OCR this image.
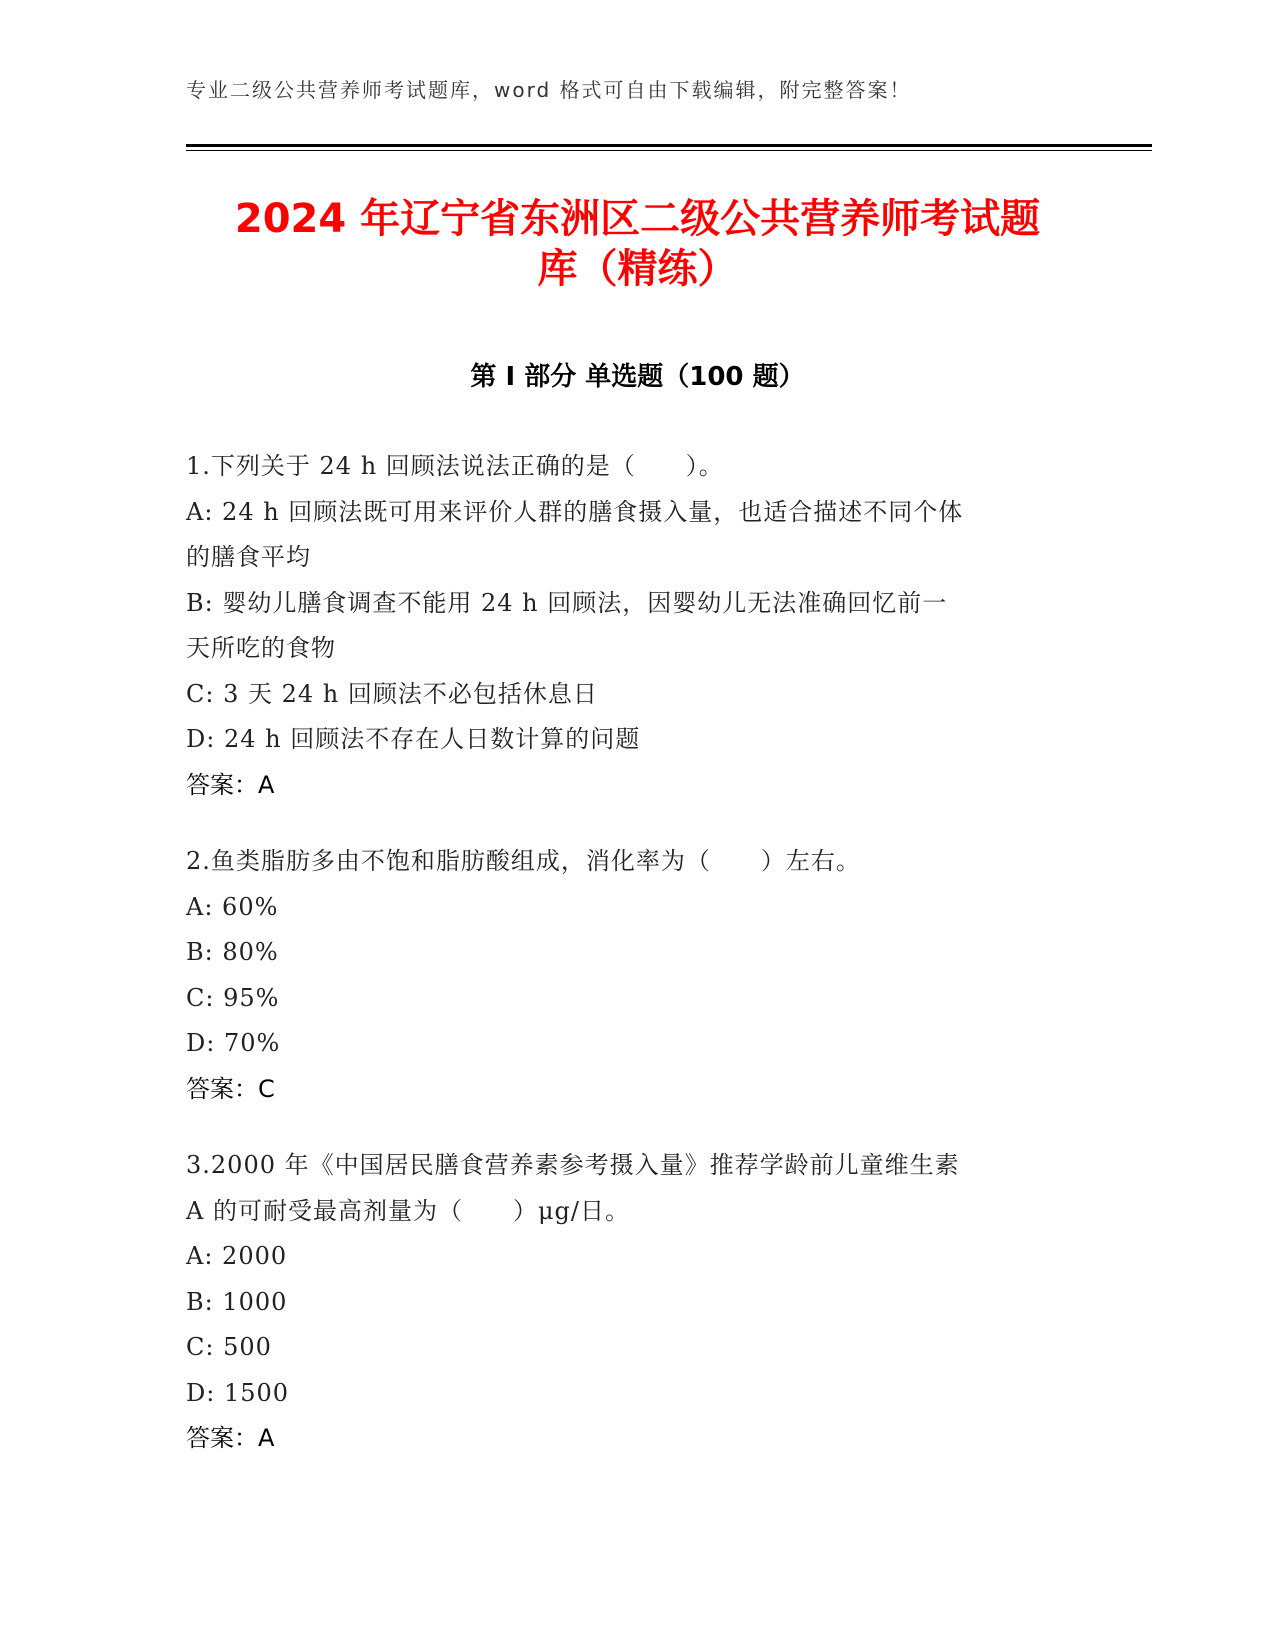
专业二级公共营养师考试题库，word 格式可自由下载编辑，附完整答案！
2024 年辽宁省东洲区二级公共营养师考试题
库（精练）
第 I 部分 单选题（100 题）
1.下列关于 24 h 回顾法说法正确的是（　　）。
A: 24 h 回顾法既可用来评价人群的膳食摄入量，也适合描述不同个体
的膳食平均
B: 婴幼儿膳食调查不能用 24 h 回顾法，因婴幼儿无法准确回忆前一
天所吃的食物
C: 3 天 24 h 回顾法不必包括休息日
D: 24 h 回顾法不存在人日数计算的问题
答案：A
2.鱼类脂肪多由不饱和脂肪酸组成，消化率为（　　）左右。
A: 60%
B: 80%
C: 95%
D: 70%
答案：C
3.2000 年《中国居民膳食营养素参考摄入量》推荐学龄前儿童维生素
A 的可耐受最高剂量为（　　）μg/日。
A: 2000
B: 1000
C: 500
D: 1500
答案：A
